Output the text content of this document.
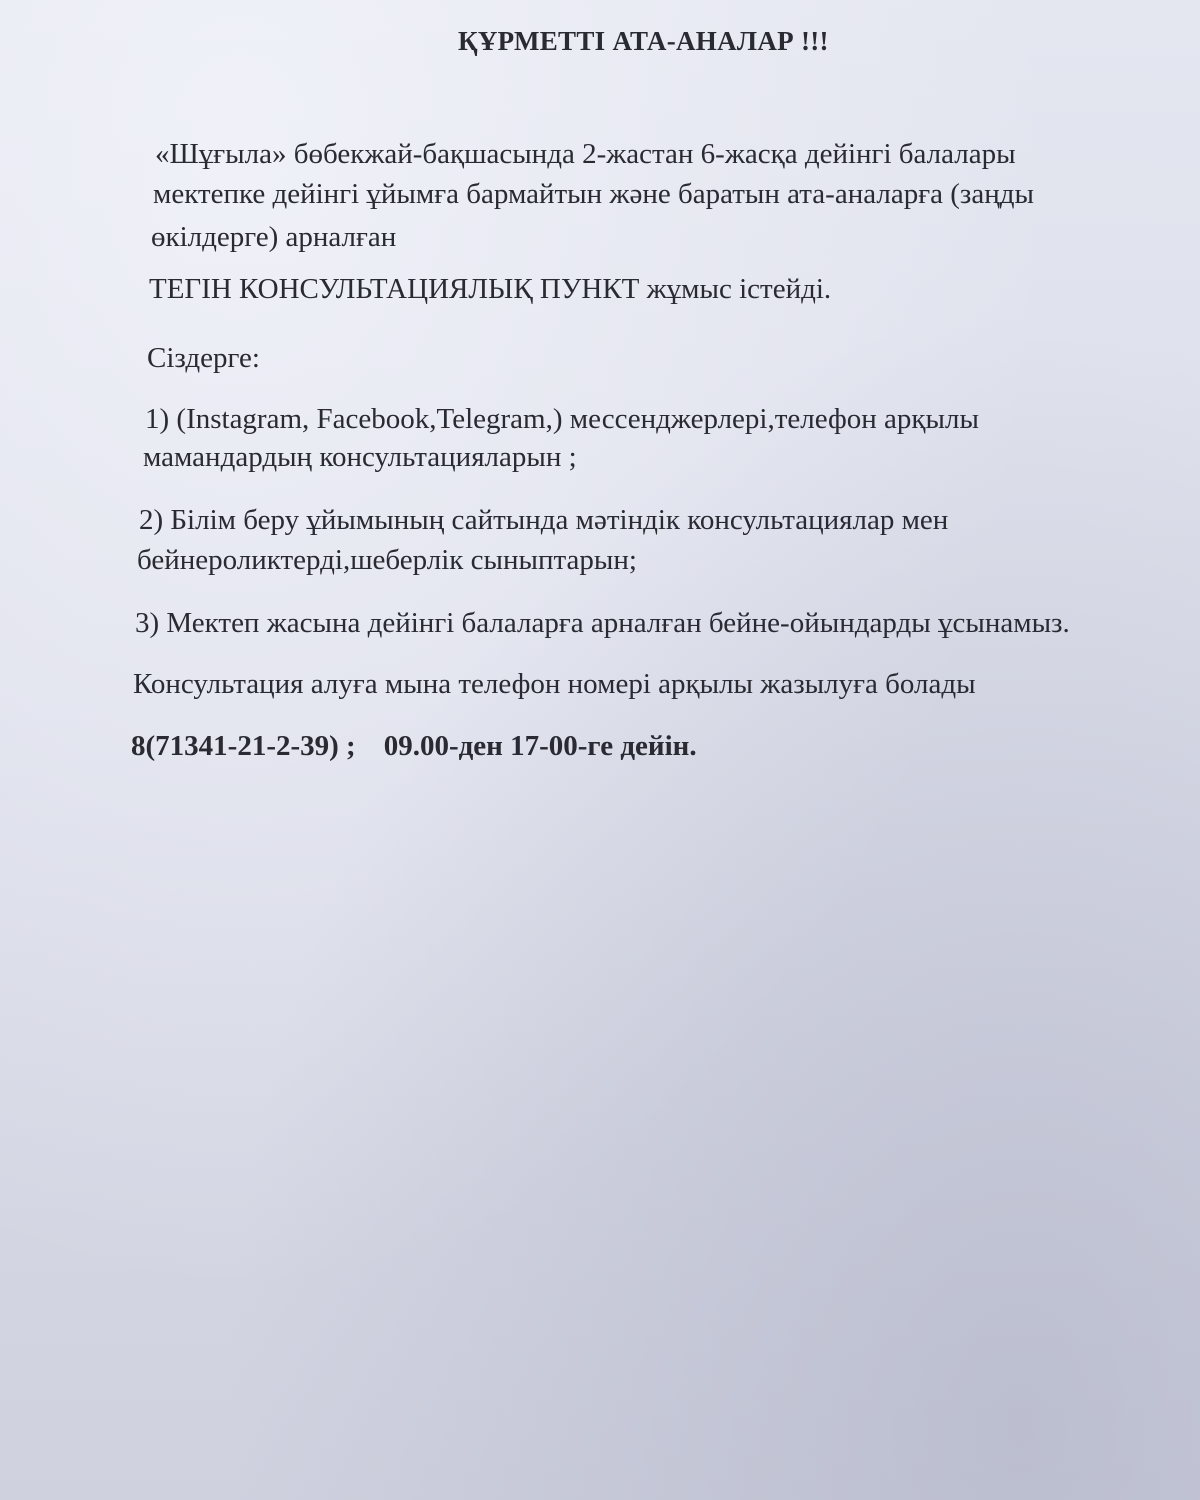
ҚҰРМЕТТІ АТА-АНАЛАР !!!

«Шұғыла» бөбекжай-бақшасында 2-жастан 6-жасқа дейінгі балалары

мектепке дейінгі ұйымға бармайтын және баратын ата-аналарға (заңды

өкілдерге) арналған

ТЕГІН КОНСУЛЬТАЦИЯЛЫҚ ПУНКТ жұмыс істейді.

Сіздерге:

1) (Instagram, Facebook,Telegram,) мессенджерлері,телефон арқылы

мамандардың консультацияларын ;

2) Білім беру ұйымының сайтында мәтіндік консультациялар мен

бейнероликтерді,шеберлік сыныптарын;

3) Мектеп жасына дейінгі балаларға арналған бейне-ойындарды ұсынамыз.

Консультация алуға мына телефон номері арқылы жазылуға болады

8(71341-21-2-39) ; 09.00-ден 17-00-ге дейін.
